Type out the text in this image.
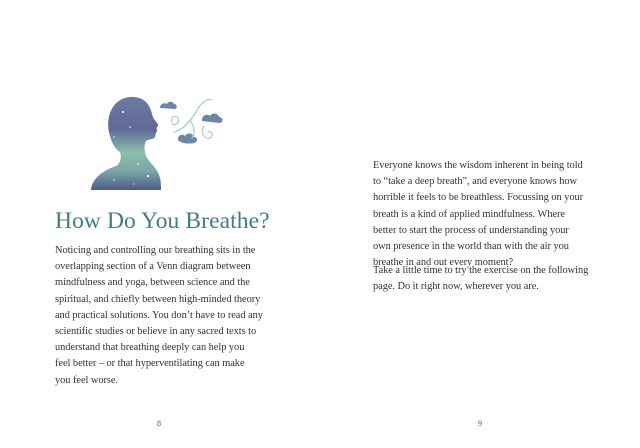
How Do You Breathe?

Noticing and controlling our breathing sits in the
overlapping section of a Venn diagram between
mindfulness and yoga, between science and the
spiritual, and chiefly between high-minded theory
and practical solutions. You don’t have to read any
scientific studies or believe in any sacred texts to
understand that breathing deeply can help you
feel better – or that hyperventilating can make
you feel worse.

8

Everyone knows the wisdom inherent in being told
to “take a deep breath”, and everyone knows how
horrible it feels to be breathless. Focussing on your
breath is a kind of applied mindfulness. Where
better to start the process of understanding your
own presence in the world than with the air you
breathe in and out every moment?

Take a little time to try the exercise on the following
page. Do it right now, wherever you are.

9
